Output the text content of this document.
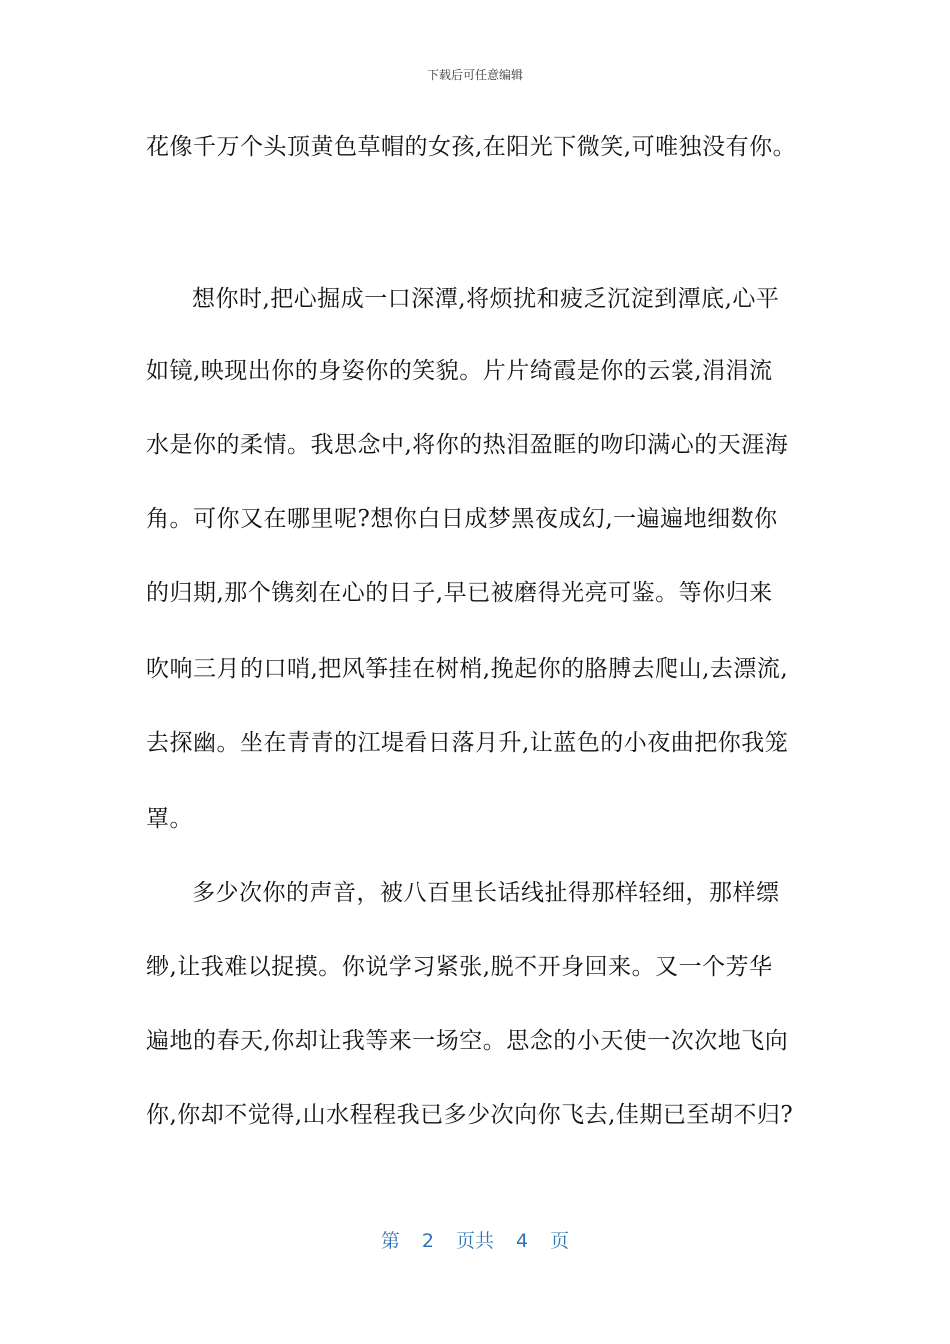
下载后可任意编辑
花像千万个头顶黄色草帽的女孩,在阳光下微笑,可唯独没有你。
想你时,把心掘成一口深潭,将烦扰和疲乏沉淀到潭底,心平
如镜,映现出你的身姿你的笑貌。片片绮霞是你的云裳,涓涓流
水是你的柔情。我思念中,将你的热泪盈眶的吻印满心的天涯海
角。可你又在哪里呢?想你白日成梦黑夜成幻,一遍遍地细数你
的归期,那个镌刻在心的日子,早已被磨得光亮可鉴。等你归来
吹响三月的口哨,把风筝挂在树梢,挽起你的胳膊去爬山,去漂流,
去探幽。坐在青青的江堤看日落月升,让蓝色的小夜曲把你我笼
罩。
多少次你的声音，被八百里长话线扯得那样轻细，那样缥
缈,让我难以捉摸。你说学习紧张,脱不开身回来。又一个芳华
遍地的春天,你却让我等来一场空。思念的小天使一次次地飞向
你,你却不觉得,山水程程我已多少次向你飞去,佳期已至胡不归?
第 2 页共 4 页
